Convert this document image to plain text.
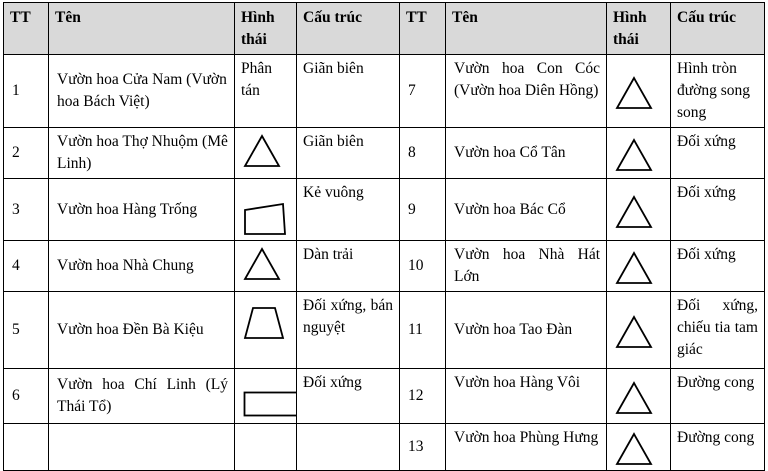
TT	Tên	Hình thái	Cấu trúc	TT	Tên	Hình thái	Cấu trúc
1	Vườn hoa Cửa Nam (Vườn hoa Bách Việt)	Phân tán	Giãn biên	7	Vườn hoa Con Cóc (Vườn hoa Diên Hồng)		Hình tròn đường song song
2	Vườn hoa Thợ Nhuộm (Mê Linh)		Giãn biên	8	Vườn hoa Cổ Tân		Đối xứng
3	Vườn hoa Hàng Trống		Kẻ vuông	9	Vườn hoa Bác Cổ		Đối xứng
4	Vườn hoa Nhà Chung		Dàn trải	10	Vườn hoa Nhà Hát Lớn		Đối xứng
5	Vườn hoa Đền Bà Kiệu		Đối xứng, bán nguyệt	11	Vườn hoa Tao Đàn		Đối xứng, chiếu tia tam giác
6	Vườn hoa Chí Linh (Lý Thái Tổ)		Đối xứng	12	Vườn hoa Hàng Vôi		Đường cong
				13	Vườn hoa Phùng Hưng		Đường cong
